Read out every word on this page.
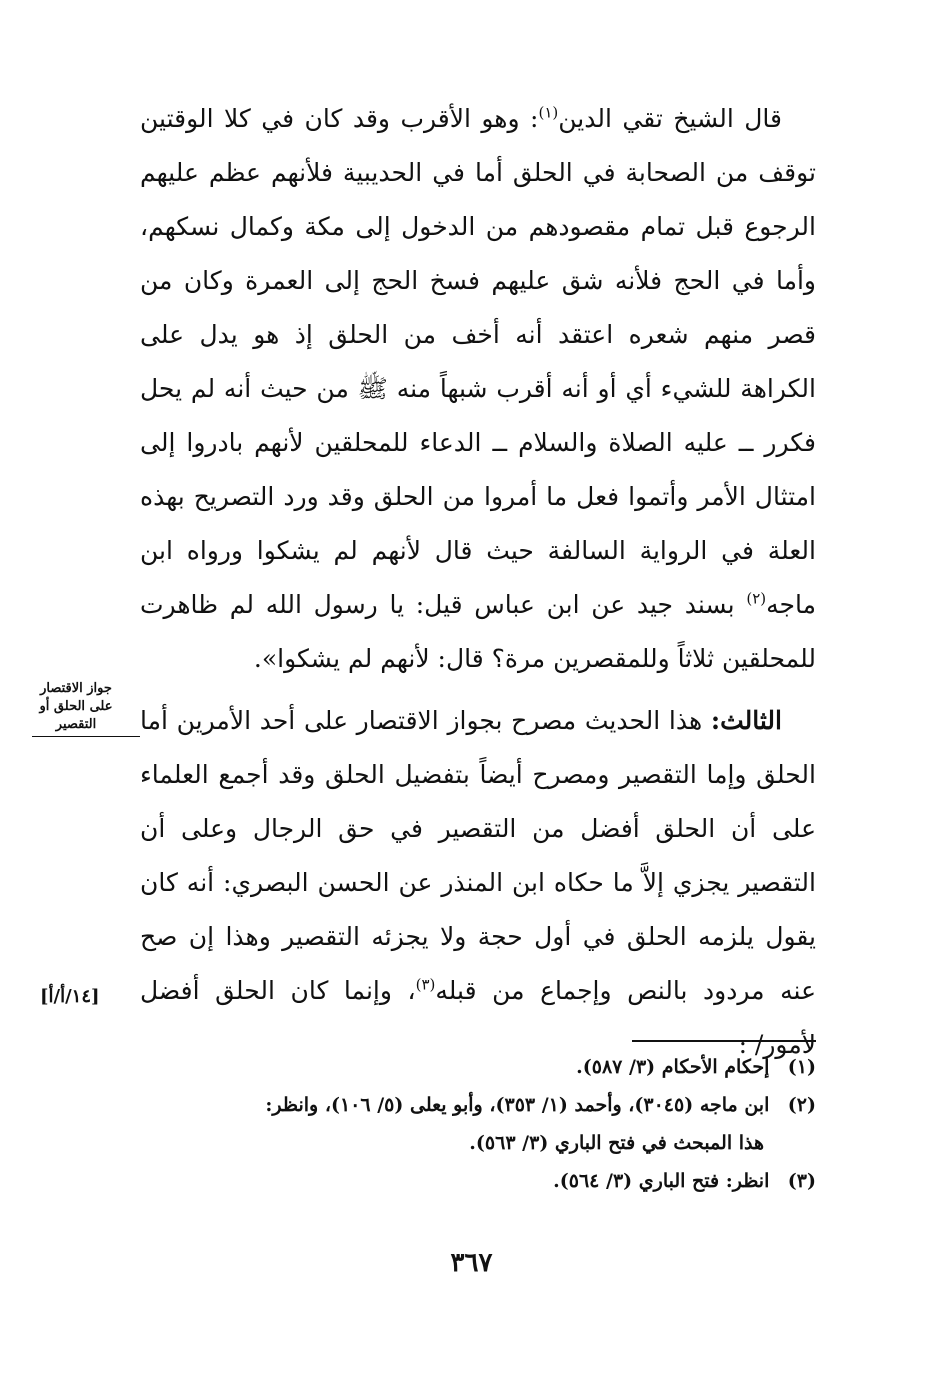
قال الشيخ تقي الدين$^{(١)}$: وهو الأقرب وقد كان في كلا الوقتين توقف من الصحابة في الحلق أما في الحديبية فلأنهم عظم عليهم الرجوع قبل تمام مقصودهم من الدخول إلى مكة وكمال نسكهم، وأما في الحج فلأنه شق عليهم فسخ الحج إلى العمرة وكان من قصر منهم شعره اعتقد أنه أخف من الحلق إذ هو يدل على الكراهة للشيء أي أو أنه أقرب شبهاً منه ﷺ من حيث أنه لم يحل فكرر ــ عليه الصلاة والسلام ــ الدعاء للمحلقين لأنهم بادروا إلى امتثال الأمر وأتموا فعل ما أمروا من الحلق وقد ورد التصريح بهذه العلة في الرواية السالفة حيث قال لأنهم لم يشكوا ورواه ابن ماجه$^{(٢)}$ بسند جيد عن ابن عباس قيل: يا رسول الله لم ظاهرت للمحلقين ثلاثاً وللمقصرين مرة؟ قال: لأنهم لم يشكوا».

الثالث: هذا الحديث مصرح بجواز الاقتصار على أحد الأمرين أما الحلق وإما التقصير ومصرح أيضاً بتفضيل الحلق وقد أجمع العلماء على أن الحلق أفضل من التقصير في حق الرجال وعلى أن التقصير يجزي إلاَّ ما حكاه ابن المنذر عن الحسن البصري: أنه كان يقول يلزمه الحلق في أول حجة ولا يجزئه التقصير وهذا إن صح عنه مردود بالنص وإجماع من قبله$^{(٣)}$، وإنما كان الحلق أفضل لأمور/ :

جواز الاقتصار
على الحلق أو
التقصير
[١٤/أ/أ]

(١) إحكام الأحكام (٣/ ٥٨٧).

(٢) ابن ماجه (٣٠٤٥)، وأحمد (١/ ٣٥٣)، وأبو يعلى (٥/ ١٠٦)، وانظر:
هذا المبحث في فتح الباري (٣/ ٥٦٣).

(٣) انظر: فتح الباري (٣/ ٥٦٤).

٣٦٧
